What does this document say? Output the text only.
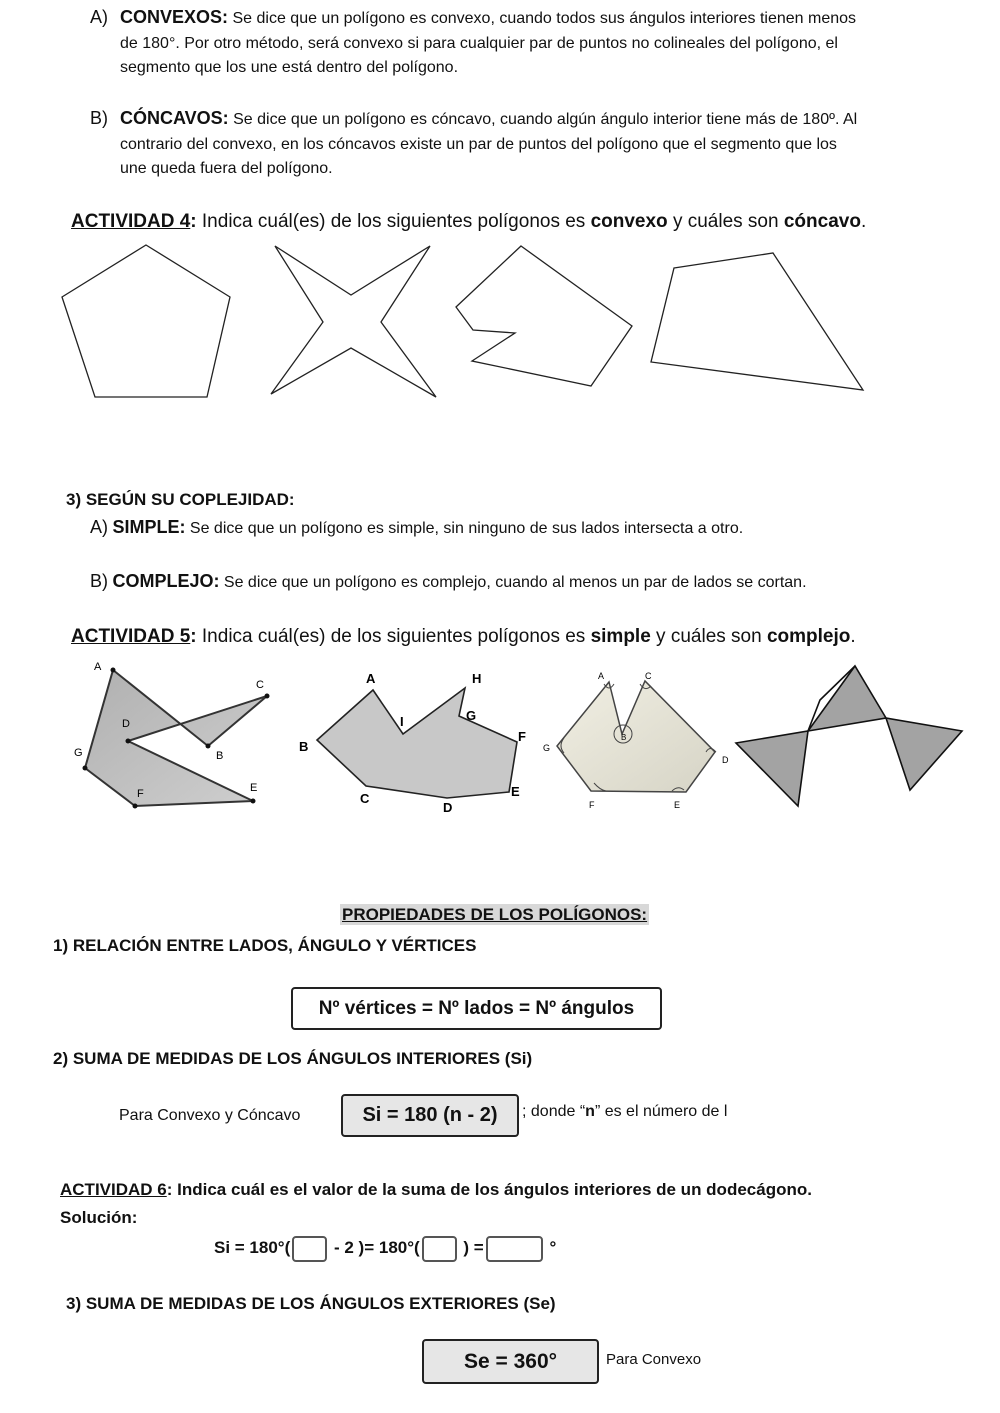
A) CONVEXOS: Se dice que un polígono es convexo, cuando todos sus ángulos interiores tienen menos
de 180°. Por otro método, será convexo si para cualquier par de puntos no colineales del polígono, el
segmento que los une está dentro del polígono.
B) CÓNCAVOS: Se dice que un polígono es cóncavo, cuando algún ángulo interior tiene más de 180º. Al
contrario del convexo, en los cóncavos existe un par de puntos del polígono que el segmento que los
une queda fuera del polígono.
ACTIVIDAD 4: Indica cuál(es) de los siguientes polígonos es convexo y cuáles son cóncavo.
3) SEGÚN SU COPLEJIDAD:
A) SIMPLE: Se dice que un polígono es simple, sin ninguno de sus lados intersecta a otro.
B) COMPLEJO: Se dice que un polígono es complejo, cuando al menos un par de lados se cortan.
ACTIVIDAD 5: Indica cuál(es) de los siguientes polígonos es simple y cuáles son complejo.
A
C
D
G	B
F	E
A	H
G
I
F
B
C
D
E
A	C
B
G
D
F	E
PROPIEDADES DE LOS POLÍGONOS:
1) RELACIÓN ENTRE LADOS, ÁNGULO Y VÉRTICES
Nº vértices = Nº lados = Nº ángulos
2) SUMA DE MEDIDAS DE LOS ÁNGULOS INTERIORES (Si)
Para Convexo y Cóncavo	Si = 180 (n - 2) ; donde “n” es el número de l
ACTIVIDAD 6: Indica cuál es el valor de la suma de los ángulos interiores de un dodecágono.
Solución:
Si = 180°( - 2 )= 180°( ) =	°
3) SUMA DE MEDIDAS DE LOS ÁNGULOS EXTERIORES (Se)
Se = 360°	Para Convexo
